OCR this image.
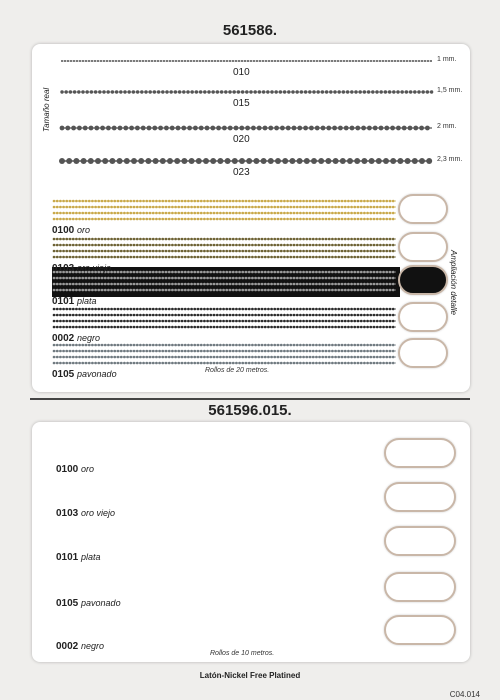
561586.
Tamaño real
Ampliación detalle
010
1 mm.
015
1,5 mm.
020
2 mm.
023
2,3 mm.
0100 oro
0103 oro viejo
0101 plata
0002 negro
0105 pavonado	Rollos de 20 metros.
561596.015.
0100 oro
0103 oro viejo
0101 plata
0105 pavonado
0002 negro
Rollos de 10 metros.
Latón-Nickel Free Platined
C04.014
